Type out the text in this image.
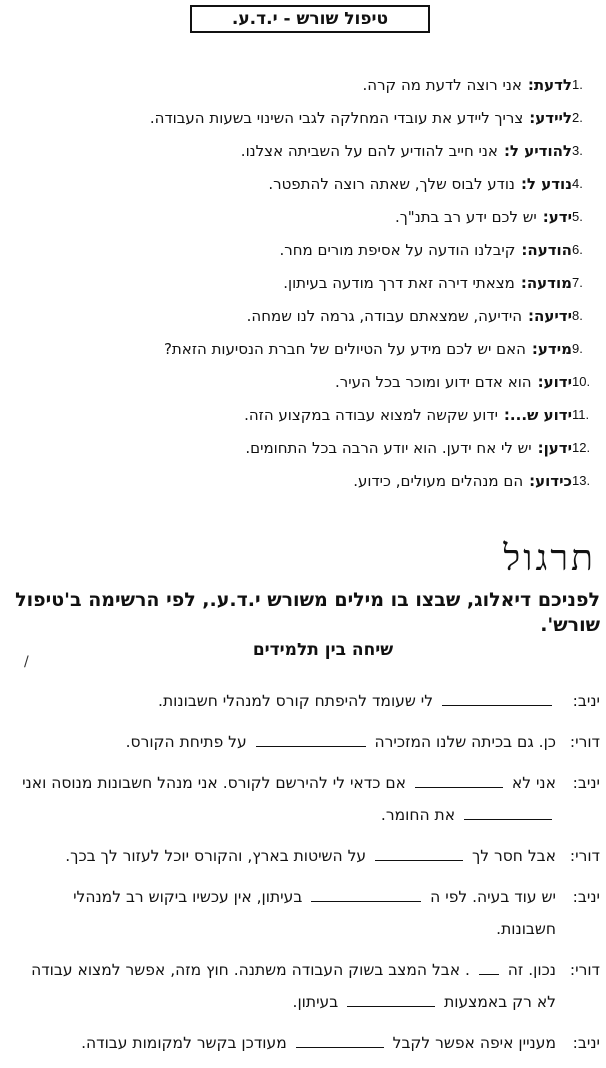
טיפול שורש - י.ד.ע.
1.
לדעת:
אני רוצה לדעת מה קרה.
2.
ליידע:
צריך ליידע את עובדי המחלקה לגבי השינוי בשעות העבודה.
3.
להודיע ל:
אני חייב להודיע להם על השביתה אצלנו.
4.
נודע ל:
נודע לבוס שלך, שאתה רוצה להתפטר.
5.
ידע:
יש לכם ידע רב בתנ"ך.
6.
הודעה:
קיבלנו הודעה על אסיפת מורים מחר.
7.
מודעה:
מצאתי דירה זאת דרך מודעה בעיתון.
8.
ידיעה:
הידיעה, שמצאתם עבודה, גרמה לנו שמחה.
9.
מידע:
האם יש לכם מידע על הטיולים של חברת הנסיעות הזאת?
10.
ידוע:
הוא אדם ידוע ומוכר בכל העיר.
11.
ידוע ש...:
ידוע שקשה למצוא עבודה במקצוע הזה.
12.
ידען:
יש לי אח ידען. הוא יודע הרבה בכל התחומים.
13.
כידוע:
הם מנהלים מעולים, כידוע.
תרגול
לפניכם דיאלוג, שבצו בו מילים משורש י.ד.ע., לפי הרשימה ב'טיפול שורש'.
שיחה בין תלמידים
/
יניב:
לי שעומד להיפתח קורס למנהלי חשבונות.
דורי:
כן. גם בכיתה שלנו המזכירה  על פתיחת הקורס.
יניב:
אני לא  אם כדאי לי להירשם לקורס. אני מנהל חשבונות מנוסה ואני  את החומר.
דורי:
אבל חסר לך  על השיטות בארץ, והקורס יוכל לעזור לך בכך.
יניב:
יש עוד בעיה. לפי ה  בעיתון, אין עכשיו ביקוש רב למנהלי חשבונות.
דורי:
נכון. זה  . אבל המצב בשוק העבודה משתנה. חוץ מזה, אפשר למצוא עבודה לא רק באמצעות  בעיתון.
יניב:
מעניין איפה אפשר לקבל  מעודכן בקשר למקומות עבודה.
